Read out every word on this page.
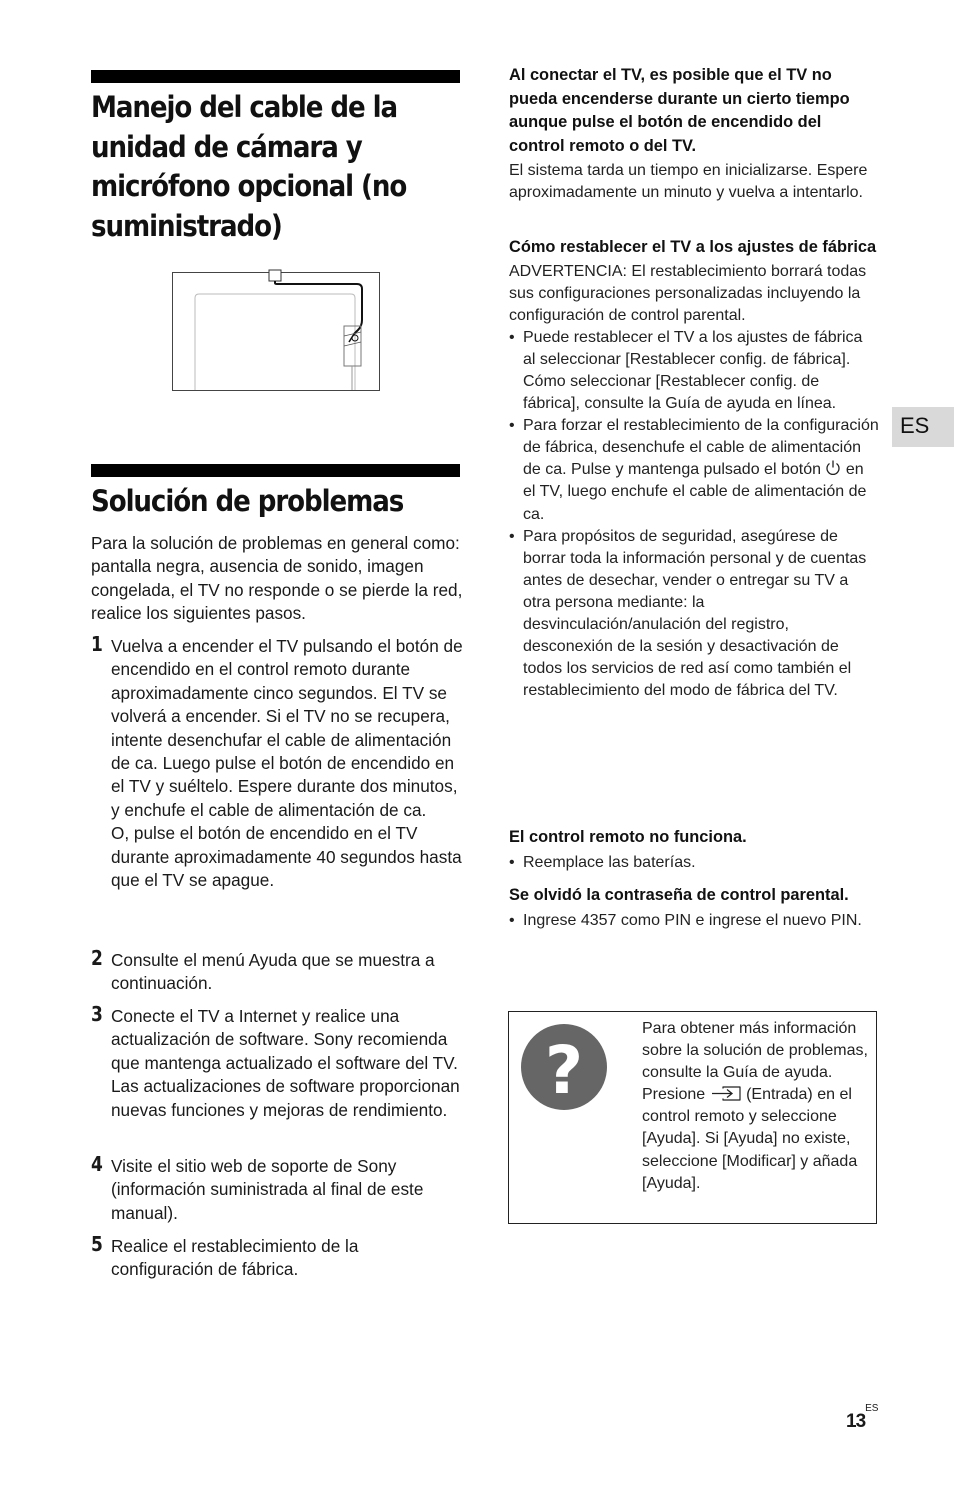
Manejo del cable de la unidad de cámara y micrófono opcional (no suministrado)
Solución de problemas
Para la solución de problemas en general como: pantalla negra, ausencia de sonido, imagen congelada, el TV no responde o se pierde la red, realice los siguientes pasos.
1 Vuelva a encender el TV pulsando el botón de encendido en el control remoto durante aproximadamente cinco segundos. El TV se volverá a encender. Si el TV no se recupera, intente desenchufar el cable de alimentación de ca. Luego pulse el botón de encendido en el TV y suéltelo. Espere durante dos minutos, y enchufe el cable de alimentación de ca.
O, pulse el botón de encendido en el TV durante aproximadamente 40 segundos hasta que el TV se apague.
2 Consulte el menú Ayuda que se muestra a continuación.
3 Conecte el TV a Internet y realice una actualización de software. Sony recomienda que mantenga actualizado el software del TV. Las actualizaciones de software proporcionan nuevas funciones y mejoras de rendimiento.
4 Visite el sitio web de soporte de Sony (información suministrada al final de este manual).
5 Realice el restablecimiento de la configuración de fábrica.
Al conectar el TV, es posible que el TV no pueda encenderse durante un cierto tiempo aunque pulse el botón de encendido del control remoto o del TV.
El sistema tarda un tiempo en inicializarse. Espere aproximadamente un minuto y vuelva a intentarlo.
Cómo restablecer el TV a los ajustes de fábrica
ADVERTENCIA: El restablecimiento borrará todas sus configuraciones personalizadas incluyendo la configuración de control parental.
• Puede restablecer el TV a los ajustes de fábrica al seleccionar [Restablecer config. de fábrica]. Cómo seleccionar [Restablecer config. de fábrica], consulte la Guía de ayuda en línea.
• Para forzar el restablecimiento de la configuración de fábrica, desenchufe el cable de alimentación de ca. Pulse y mantenga pulsado el botón en el TV, luego enchufe el cable de alimentación de ca.
• Para propósitos de seguridad, asegúrese de borrar toda la información personal y de cuentas antes de desechar, vender o entregar su TV a otra persona mediante: la desvinculación/anulación del registro, desconexión de la sesión y desactivación de todos los servicios de red así como también el restablecimiento del modo de fábrica del TV.
El control remoto no funciona.
• Reemplace las baterías.
Se olvidó la contraseña de control parental.
• Ingrese 4357 como PIN e ingrese el nuevo PIN.
?
Para obtener más información sobre la solución de problemas, consulte la Guía de ayuda. Presione	(Entrada) en el control remoto y seleccione [Ayuda]. Si [Ayuda] no existe, seleccione [Modificar] y añada [Ayuda].
ES
$13^{ES}$
